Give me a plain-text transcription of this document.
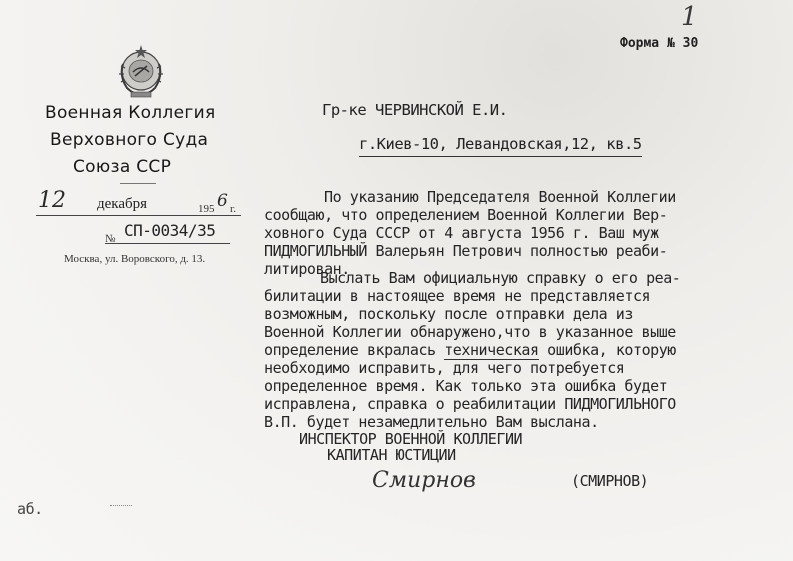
1
Форма № 30
Военная Коллегия
Верховного Суда
Союза ССР
12 декабря	195 6 г.
№ СП-0034/35
Москва, ул. Воровского, д. 13.
Гр-ке ЧЕРВИНСКОЙ Е.И.
г.Киев-10, Левандовская,12, кв.5
По указанию Председателя Военной Коллегии
сообщаю, что определением Военной Коллегии Вер-
ховного Суда СССР от 4 августа 1956 г. Ваш муж
ПИДМОГИЛЬНЫЙ Валерьян Петрович полностью реаби-
литирован.
Выслать Вам официальную справку о его реа-
билитации в настоящее время не представляется
возможным, поскольку после отправки дела из
Военной Коллегии обнаружено,что в указанное выше
определение вкралась техническая ошибка, которую
необходимо исправить, для чего потребуется
определенное время. Как только эта ошибка будет
исправлена, справка о реабилитации ПИДМОГИЛЬНОГО
В.П. будет незамедлительно Вам выслана.
ИНСПЕКТОР ВОЕННОЙ КОЛЛЕГИИ
КАПИТАН ЮСТИЦИИ
Смирнов	(СМИРНОВ)
аб.
